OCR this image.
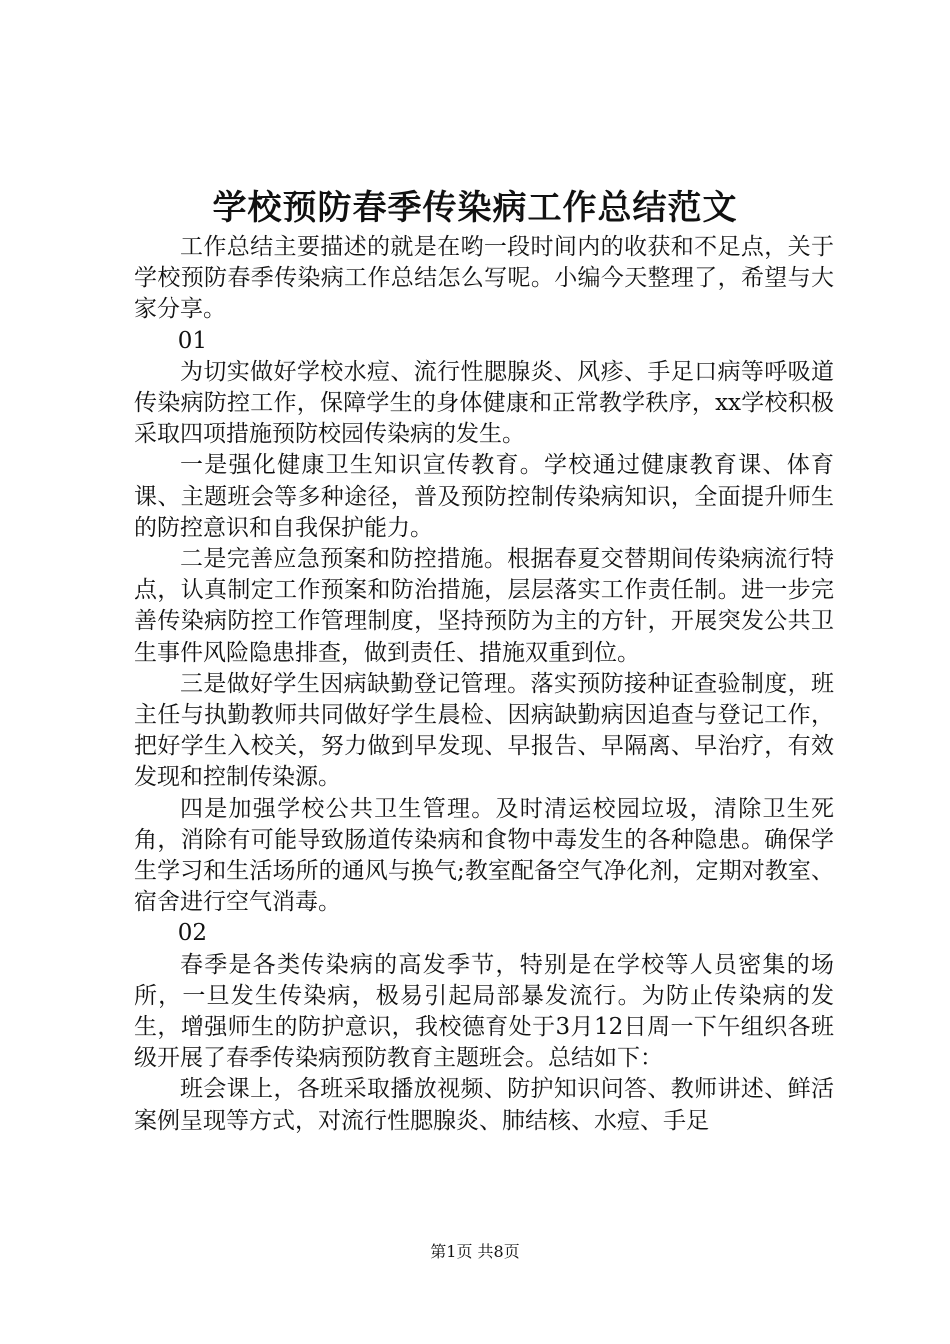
学校预防春季传染病工作总结范文

工作总结主要描述的就是在哟一段时间内的收获和不足点，关于学校预防春季传染病工作总结怎么写呢。小编今天整理了，希望与大家分享。

01

为切实做好学校水痘、流行性腮腺炎、风疹、手足口病等呼吸道传染病防控工作，保障学生的身体健康和正常教学秩序，xx学校积极采取四项措施预防校园传染病的发生。

一是强化健康卫生知识宣传教育。学校通过健康教育课、体育课、主题班会等多种途径，普及预防控制传染病知识，全面提升师生的防控意识和自我保护能力。

二是完善应急预案和防控措施。根据春夏交替期间传染病流行特点，认真制定工作预案和防治措施，层层落实工作责任制。进一步完善传染病防控工作管理制度，坚持预防为主的方针，开展突发公共卫生事件风险隐患排查，做到责任、措施双重到位。

三是做好学生因病缺勤登记管理。落实预防接种证查验制度，班主任与执勤教师共同做好学生晨检、因病缺勤病因追查与登记工作，把好学生入校关，努力做到早发现、早报告、早隔离、早治疗，有效发现和控制传染源。

四是加强学校公共卫生管理。及时清运校园垃圾，清除卫生死角，消除有可能导致肠道传染病和食物中毒发生的各种隐患。确保学生学习和生活场所的通风与换气;教室配备空气净化剂，定期对教室、宿舍进行空气消毒。

02

春季是各类传染病的高发季节，特别是在学校等人员密集的场所，一旦发生传染病，极易引起局部暴发流行。为防止传染病的发生，增强师生的防护意识，我校德育处于3月12日周一下午组织各班级开展了春季传染病预防教育主题班会。总结如下：

班会课上，各班采取播放视频、防护知识问答、教师讲述、鲜活案例呈现等方式，对流行性腮腺炎、肺结核、水痘、手足

第1页 共8页
